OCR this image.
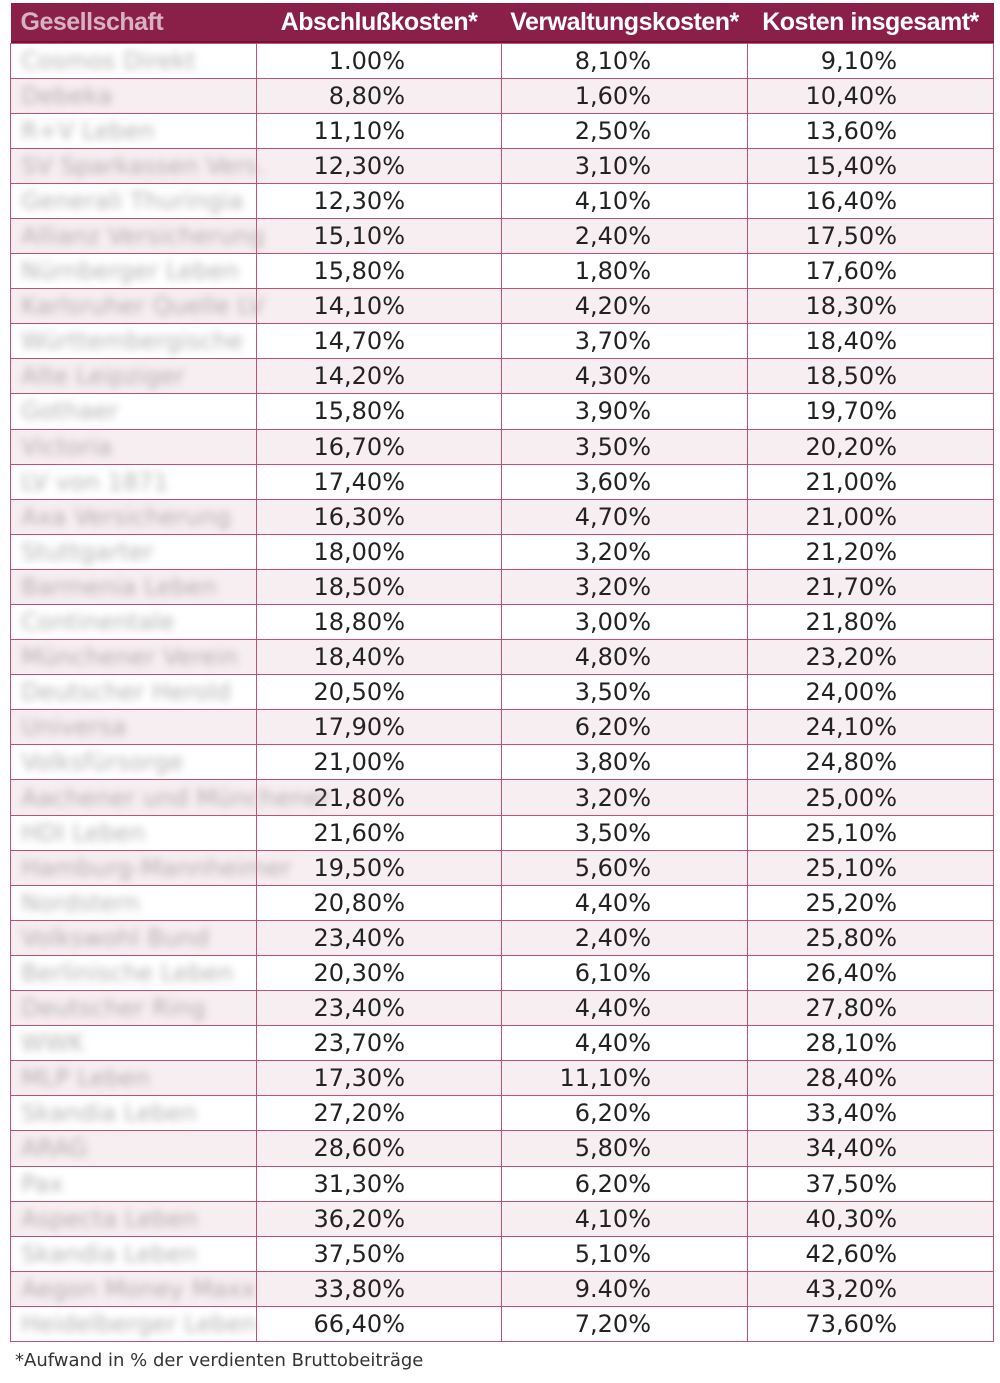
Gesellschaft	Abschlußkosten*	Verwaltungskosten*	Kosten insgesamt*
Cosmos Direkt	1.00%	8,10%	9,10%
Debeka	8,80%	1,60%	10,40%
R+V Leben	11,10%	2,50%	13,60%
SV Sparkassen Vers.	12,30%	3,10%	15,40%
Generali Thuringia	12,30%	4,10%	16,40%
Allianz Versicherung	15,10%	2,40%	17,50%
Nürnberger Leben	15,80%	1,80%	17,60%
Karlsruher Quelle LV	14,10%	4,20%	18,30%
Württembergische	14,70%	3,70%	18,40%
Alte Leipziger	14,20%	4,30%	18,50%
Gothaer	15,80%	3,90%	19,70%
Victoria	16,70%	3,50%	20,20%
LV von 1871	17,40%	3,60%	21,00%
Axa Versicherung	16,30%	4,70%	21,00%
Stuttgarter	18,00%	3,20%	21,20%
Barmenia Leben	18,50%	3,20%	21,70%
Continentale	18,80%	3,00%	21,80%
Münchener Verein	18,40%	4,80%	23,20%
Deutscher Herold	20,50%	3,50%	24,00%
Universa	17,90%	6,20%	24,10%
Volksfürsorge	21,00%	3,80%	24,80%
Aachener und Münchener	21,80%	3,20%	25,00%
HDI Leben	21,60%	3,50%	25,10%
Hamburg-Mannheimer	19,50%	5,60%	25,10%
Nordstern	20,80%	4,40%	25,20%
Volkswohl Bund	23,40%	2,40%	25,80%
Berlinische Leben	20,30%	6,10%	26,40%
Deutscher Ring	23,40%	4,40%	27,80%
WWK	23,70%	4,40%	28,10%
MLP Leben	17,30%	11,10%	28,40%
Skandia Leben	27,20%	6,20%	33,40%
ARAG	28,60%	5,80%	34,40%
Pax	31,30%	6,20%	37,50%
Aspecta Leben	36,20%	4,10%	40,30%
Skandia Leben	37,50%	5,10%	42,60%
Aegon Money Maxx	33,80%	9.40%	43,20%
Heidelberger Leben	66,40%	7,20%	73,60%
*Aufwand in % der verdienten Bruttobeiträge
